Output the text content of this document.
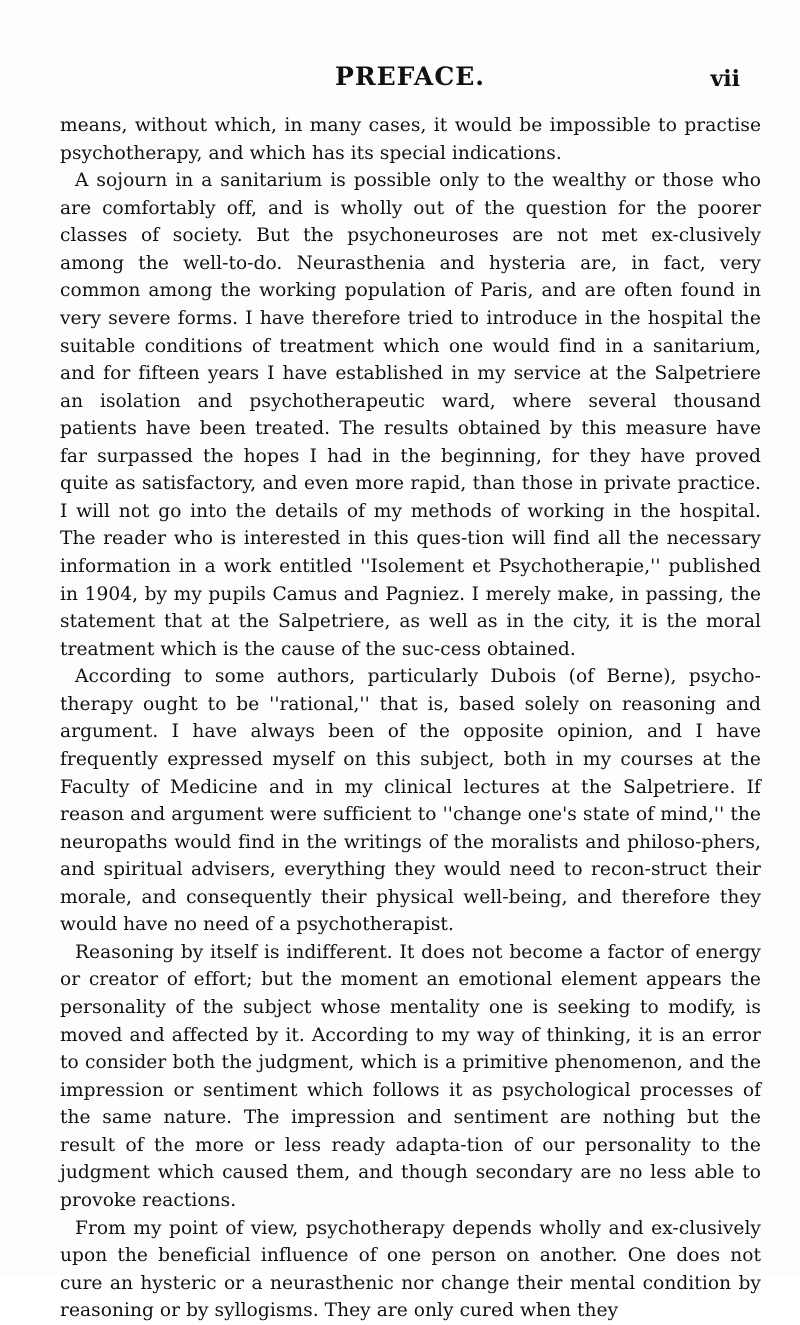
PREFACE.	vii

means, without which, in many cases, it would be impossible to practise psychotherapy, and which has its special indications.

A sojourn in a sanitarium is possible only to the wealthy or those who are comfortably off, and is wholly out of the question for the poorer classes of society. But the psychoneuroses are not met ex-clusively among the well-to-do. Neurasthenia and hysteria are, in fact, very common among the working population of Paris, and are often found in very severe forms. I have therefore tried to introduce in the hospital the suitable conditions of treatment which one would find in a sanitarium, and for fifteen years I have established in my service at the Salpetriere an isolation and psychotherapeutic ward, where several thousand patients have been treated. The results obtained by this measure have far surpassed the hopes I had in the beginning, for they have proved quite as satisfactory, and even more rapid, than those in private practice. I will not go into the details of my methods of working in the hospital. The reader who is interested in this ques-tion will find all the necessary information in a work entitled ''Isolement et Psychotherapie,'' published in 1904, by my pupils Camus and Pagniez. I merely make, in passing, the statement that at the Salpetriere, as well as in the city, it is the moral treatment which is the cause of the suc-cess obtained.

According to some authors, particularly Dubois (of Berne), psycho-therapy ought to be ''rational,'' that is, based solely on reasoning and argument. I have always been of the opposite opinion, and I have frequently expressed myself on this subject, both in my courses at the Faculty of Medicine and in my clinical lectures at the Salpetriere. If reason and argument were sufficient to ''change one's state of mind,'' the neuropaths would find in the writings of the moralists and philoso-phers, and spiritual advisers, everything they would need to recon-struct their morale, and consequently their physical well-being, and therefore they would have no need of a psychotherapist.

Reasoning by itself is indifferent. It does not become a factor of energy or creator of effort; but the moment an emotional element appears the personality of the subject whose mentality one is seeking to modify, is moved and affected by it. According to my way of thinking, it is an error to consider both the judgment, which is a primitive phenomenon, and the impression or sentiment which follows it as psychological processes of the same nature. The impression and sentiment are nothing but the result of the more or less ready adapta-tion of our personality to the judgment which caused them, and though secondary are no less able to provoke reactions.

From my point of view, psychotherapy depends wholly and ex-clusively upon the beneficial influence of one person on another. One does not cure an hysteric or a neurasthenic nor change their mental condition by reasoning or by syllogisms. They are only cured when they
